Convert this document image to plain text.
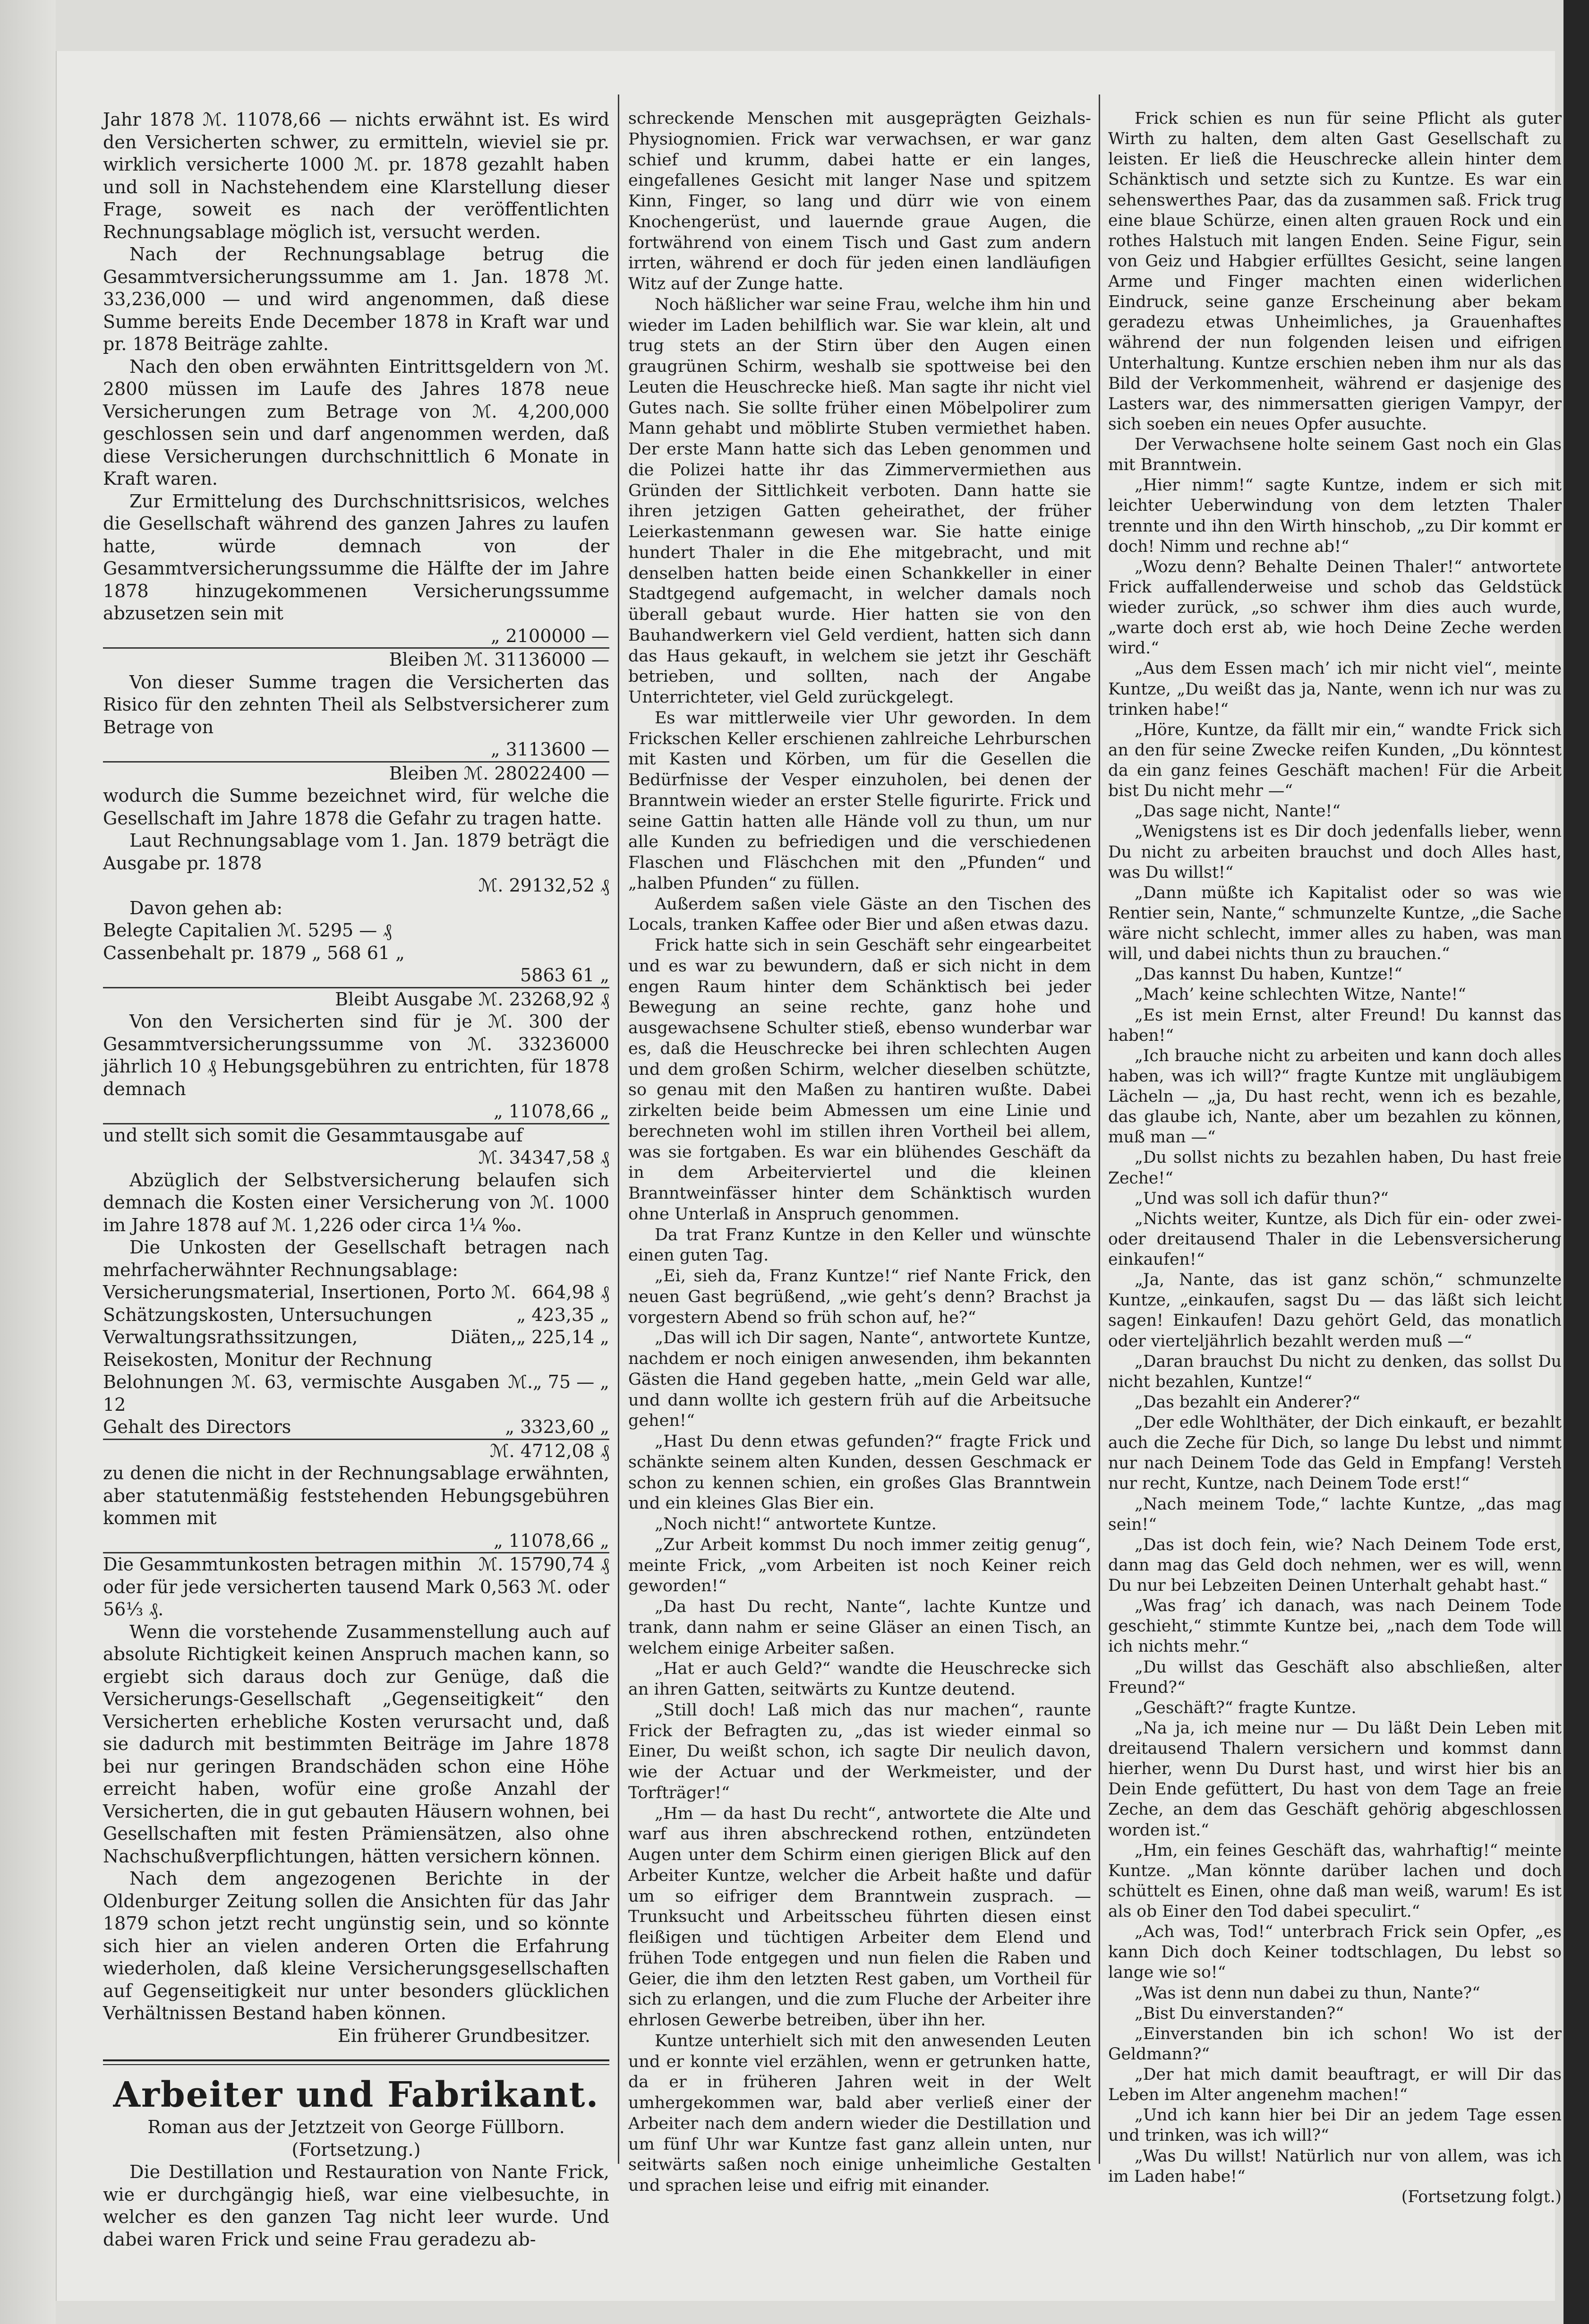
Jahr 1878 ℳ. 11078,66 — nichts erwähnt ist. Es wird den Versicherten schwer, zu ermitteln, wieviel sie pr. wirklich versicherte 1000 ℳ. pr. 1878 gezahlt haben und soll in Nachstehendem eine Klarstellung dieser Frage, soweit es nach der veröffentlichten Rechnungsablage möglich ist, versucht werden.

Nach der Rechnungsablage betrug die Gesammtversicherungssumme am 1. Jan. 1878 ℳ. 33,236,000 — und wird angenommen, daß diese Summe bereits Ende December 1878 in Kraft war und pr. 1878 Beiträge zahlte.

Nach den oben erwähnten Eintrittsgeldern von ℳ. 2800 müssen im Laufe des Jahres 1878 neue Versicherungen zum Betrage von ℳ. 4,200,000 geschlossen sein und darf angenommen werden, daß diese Versicherungen durchschnittlich 6 Monate in Kraft waren.

Zur Ermittelung des Durchschnittsrisicos, welches die Gesellschaft während des ganzen Jahres zu laufen hatte, würde demnach von der Gesammtversicherungssumme die Hälfte der im Jahre 1878 hinzugekommenen Versicherungssumme abzusetzen sein mit

„ 2100000 —
Bleiben ℳ. 31136000 —

Von dieser Summe tragen die Versicherten das Risico für den zehnten Theil als Selbstversicherer zum Betrage von

„ 3113600 —
Bleiben ℳ. 28022400 —

wodurch die Summe bezeichnet wird, für welche die Gesellschaft im Jahre 1878 die Gefahr zu tragen hatte.

Laut Rechnungsablage vom 1. Jan. 1879 beträgt die Ausgabe pr. 1878

ℳ. 29132,52 ₰

Davon gehen ab:

Belegte Capitalien ℳ. 5295 — ₰

Cassenbehalt pr. 1879 „ 568 61 „

5863 61 „
Bleibt Ausgabe ℳ. 23268,92 ₰

Von den Versicherten sind für je ℳ. 300 der Gesammtversicherungssumme von ℳ. 33236000 jährlich 10 ₰ Hebungsgebühren zu entrichten, für 1878 demnach

„ 11078,66 „

und stellt sich somit die Gesammtausgabe auf

ℳ. 34347,58 ₰

Abzüglich der Selbstversicherung belaufen sich demnach die Kosten einer Versicherung von ℳ. 1000 im Jahre 1878 auf ℳ. 1,226 oder circa 1¼ ‰.

Die Unkosten der Gesellschaft betragen nach mehrfacherwähnter Rechnungsablage:

Versicherungsmaterial, Insertionen, Porto ℳ. 664,98 ₰
Schätzungskosten, Untersuchungen	„ 423,35 „
Verwaltungsrathssitzungen, Diäten, Reisekosten, Monitur der Rechnung
„ 225,14 „
Belohnungen ℳ. 63, vermischte Ausgaben ℳ. 12
„ 75 — „
Gehalt des Directors	„ 3323,60 „
ℳ. 4712,08 ₰

zu denen die nicht in der Rechnungsablage erwähnten, aber statutenmäßig feststehenden Hebungsgebühren kommen mit

„ 11078,66 „
Die Gesammtunkosten betragen mithin ℳ. 15790,74 ₰

oder für jede versicherten tausend Mark 0,563 ℳ. oder 56⅓ ₰.

Wenn die vorstehende Zusammenstellung auch auf absolute Richtigkeit keinen Anspruch machen kann, so ergiebt sich daraus doch zur Genüge, daß die Versicherungs-Gesellschaft „Gegenseitigkeit“ den Versicherten erhebliche Kosten verursacht und, daß sie dadurch mit bestimmten Beiträge im Jahre 1878 bei nur geringen Brandschäden schon eine Höhe erreicht haben, wofür eine große Anzahl der Versicherten, die in gut gebauten Häusern wohnen, bei Gesellschaften mit festen Prämiensätzen, also ohne Nachschußverpflichtungen, hätten versichern können.

Nach dem angezogenen Berichte in der Oldenburger Zeitung sollen die Ansichten für das Jahr 1879 schon jetzt recht ungünstig sein, und so könnte sich hier an vielen anderen Orten die Erfahrung wiederholen, daß kleine Versicherungsgesellschaften auf Gegenseitigkeit nur unter besonders glücklichen Verhältnissen Bestand haben können.

Ein früherer Grundbesitzer.

Arbeiter und Fabrikant.

Roman aus der Jetztzeit von George Füllborn.

(Fortsetzung.)

Die Destillation und Restauration von Nante Frick, wie er durchgängig hieß, war eine vielbesuchte, in welcher es den ganzen Tag nicht leer wurde. Und dabei waren Frick und seine Frau geradezu ab-

schreckende Menschen mit ausgeprägten Geizhals-Physiognomien. Frick war verwachsen, er war ganz schief und krumm, dabei hatte er ein langes, eingefallenes Gesicht mit langer Nase und spitzem Kinn, Finger, so lang und dürr wie von einem Knochengerüst, und lauernde graue Augen, die fortwährend von einem Tisch und Gast zum andern irrten, während er doch für jeden einen landläufigen Witz auf der Zunge hatte.

Noch häßlicher war seine Frau, welche ihm hin und wieder im Laden behilflich war. Sie war klein, alt und trug stets an der Stirn über den Augen einen graugrünen Schirm, weshalb sie spottweise bei den Leuten die Heuschrecke hieß. Man sagte ihr nicht viel Gutes nach. Sie sollte früher einen Möbelpolirer zum Mann gehabt und möblirte Stuben vermiethet haben. Der erste Mann hatte sich das Leben genommen und die Polizei hatte ihr das Zimmervermiethen aus Gründen der Sittlichkeit verboten. Dann hatte sie ihren jetzigen Gatten geheirathet, der früher Leierkastenmann gewesen war. Sie hatte einige hundert Thaler in die Ehe mitgebracht, und mit denselben hatten beide einen Schankkeller in einer Stadtgegend aufgemacht, in welcher damals noch überall gebaut wurde. Hier hatten sie von den Bauhandwerkern viel Geld verdient, hatten sich dann das Haus gekauft, in welchem sie jetzt ihr Geschäft betrieben, und sollten, nach der Angabe Unterrichteter, viel Geld zurückgelegt.

Es war mittlerweile vier Uhr geworden. In dem Frickschen Keller erschienen zahlreiche Lehrburschen mit Kasten und Körben, um für die Gesellen die Bedürfnisse der Vesper einzuholen, bei denen der Branntwein wieder an erster Stelle figurirte. Frick und seine Gattin hatten alle Hände voll zu thun, um nur alle Kunden zu befriedigen und die verschiedenen Flaschen und Fläschchen mit den „Pfunden“ und „halben Pfunden“ zu füllen.

Außerdem saßen viele Gäste an den Tischen des Locals, tranken Kaffee oder Bier und aßen etwas dazu.

Frick hatte sich in sein Geschäft sehr eingearbeitet und es war zu bewundern, daß er sich nicht in dem engen Raum hinter dem Schänktisch bei jeder Bewegung an seine rechte, ganz hohe und ausgewachsene Schulter stieß, ebenso wunderbar war es, daß die Heuschrecke bei ihren schlechten Augen und dem großen Schirm, welcher dieselben schützte, so genau mit den Maßen zu hantiren wußte. Dabei zirkelten beide beim Abmessen um eine Linie und berechneten wohl im stillen ihren Vortheil bei allem, was sie fortgaben. Es war ein blühendes Geschäft da in dem Arbeiterviertel und die kleinen Branntweinfässer hinter dem Schänktisch wurden ohne Unterlaß in Anspruch genommen.

Da trat Franz Kuntze in den Keller und wünschte einen guten Tag.

„Ei, sieh da, Franz Kuntze!“ rief Nante Frick, den neuen Gast begrüßend, „wie geht’s denn? Brachst ja vorgestern Abend so früh schon auf, he?“

„Das will ich Dir sagen, Nante“, antwortete Kuntze, nachdem er noch einigen anwesenden, ihm bekannten Gästen die Hand gegeben hatte, „mein Geld war alle, und dann wollte ich gestern früh auf die Arbeitsuche gehen!“

„Hast Du denn etwas gefunden?“ fragte Frick und schänkte seinem alten Kunden, dessen Geschmack er schon zu kennen schien, ein großes Glas Branntwein und ein kleines Glas Bier ein.

„Noch nicht!“ antwortete Kuntze.

„Zur Arbeit kommst Du noch immer zeitig genug“, meinte Frick, „vom Arbeiten ist noch Keiner reich geworden!“

„Da hast Du recht, Nante“, lachte Kuntze und trank, dann nahm er seine Gläser an einen Tisch, an welchem einige Arbeiter saßen.

„Hat er auch Geld?“ wandte die Heuschrecke sich an ihren Gatten, seitwärts zu Kuntze deutend.

„Still doch! Laß mich das nur machen“, raunte Frick der Befragten zu, „das ist wieder einmal so Einer, Du weißt schon, ich sagte Dir neulich davon, wie der Actuar und der Werkmeister, und der Torfträger!“

„Hm — da hast Du recht“, antwortete die Alte und warf aus ihren abschreckend rothen, entzündeten Augen unter dem Schirm einen gierigen Blick auf den Arbeiter Kuntze, welcher die Arbeit haßte und dafür um so eifriger dem Branntwein zusprach. — Trunksucht und Arbeitsscheu führten diesen einst fleißigen und tüchtigen Arbeiter dem Elend und frühen Tode entgegen und nun fielen die Raben und Geier, die ihm den letzten Rest gaben, um Vortheil für sich zu erlangen, und die zum Fluche der Arbeiter ihre ehrlosen Gewerbe betreiben, über ihn her.

Kuntze unterhielt sich mit den anwesenden Leuten und er konnte viel erzählen, wenn er getrunken hatte, da er in früheren Jahren weit in der Welt umhergekommen war, bald aber verließ einer der Arbeiter nach dem andern wieder die Destillation und um fünf Uhr war Kuntze fast ganz allein unten, nur seitwärts saßen noch einige unheimliche Gestalten und sprachen leise und eifrig mit einander.

Frick schien es nun für seine Pflicht als guter Wirth zu halten, dem alten Gast Gesellschaft zu leisten. Er ließ die Heuschrecke allein hinter dem Schänktisch und setzte sich zu Kuntze. Es war ein sehenswerthes Paar, das da zusammen saß. Frick trug eine blaue Schürze, einen alten grauen Rock und ein rothes Halstuch mit langen Enden. Seine Figur, sein von Geiz und Habgier erfülltes Gesicht, seine langen Arme und Finger machten einen widerlichen Eindruck, seine ganze Erscheinung aber bekam geradezu etwas Unheimliches, ja Grauenhaftes während der nun folgenden leisen und eifrigen Unterhaltung. Kuntze erschien neben ihm nur als das Bild der Verkommenheit, während er dasjenige des Lasters war, des nimmersatten gierigen Vampyr, der sich soeben ein neues Opfer ausuchte.

Der Verwachsene holte seinem Gast noch ein Glas mit Branntwein.

„Hier nimm!“ sagte Kuntze, indem er sich mit leichter Ueberwindung von dem letzten Thaler trennte und ihn den Wirth hinschob, „zu Dir kommt er doch! Nimm und rechne ab!“

„Wozu denn? Behalte Deinen Thaler!“ antwortete Frick auffallenderweise und schob das Geldstück wieder zurück, „so schwer ihm dies auch wurde, „warte doch erst ab, wie hoch Deine Zeche werden wird.“

„Aus dem Essen mach’ ich mir nicht viel“, meinte Kuntze, „Du weißt das ja, Nante, wenn ich nur was zu trinken habe!“

„Höre, Kuntze, da fällt mir ein,“ wandte Frick sich an den für seine Zwecke reifen Kunden, „Du könntest da ein ganz feines Geschäft machen! Für die Arbeit bist Du nicht mehr —“

„Das sage nicht, Nante!“

„Wenigstens ist es Dir doch jedenfalls lieber, wenn Du nicht zu arbeiten brauchst und doch Alles hast, was Du willst!“

„Dann müßte ich Kapitalist oder so was wie Rentier sein, Nante,“ schmunzelte Kuntze, „die Sache wäre nicht schlecht, immer alles zu haben, was man will, und dabei nichts thun zu brauchen.“

„Das kannst Du haben, Kuntze!“

„Mach’ keine schlechten Witze, Nante!“

„Es ist mein Ernst, alter Freund! Du kannst das haben!“

„Ich brauche nicht zu arbeiten und kann doch alles haben, was ich will?“ fragte Kuntze mit ungläubigem Lächeln — „ja, Du hast recht, wenn ich es bezahle, das glaube ich, Nante, aber um bezahlen zu können, muß man —“

„Du sollst nichts zu bezahlen haben, Du hast freie Zeche!“

„Und was soll ich dafür thun?“

„Nichts weiter, Kuntze, als Dich für ein- oder zwei- oder dreitausend Thaler in die Lebensversicherung einkaufen!“

„Ja, Nante, das ist ganz schön,“ schmunzelte Kuntze, „einkaufen, sagst Du — das läßt sich leicht sagen! Einkaufen! Dazu gehört Geld, das monatlich oder vierteljährlich bezahlt werden muß —“

„Daran brauchst Du nicht zu denken, das sollst Du nicht bezahlen, Kuntze!“

„Das bezahlt ein Anderer?“

„Der edle Wohlthäter, der Dich einkauft, er bezahlt auch die Zeche für Dich, so lange Du lebst und nimmt nur nach Deinem Tode das Geld in Empfang! Versteh nur recht, Kuntze, nach Deinem Tode erst!“

„Nach meinem Tode,“ lachte Kuntze, „das mag sein!“

„Das ist doch fein, wie? Nach Deinem Tode erst, dann mag das Geld doch nehmen, wer es will, wenn Du nur bei Lebzeiten Deinen Unterhalt gehabt hast.“

„Was frag’ ich danach, was nach Deinem Tode geschieht,“ stimmte Kuntze bei, „nach dem Tode will ich nichts mehr.“

„Du willst das Geschäft also abschließen, alter Freund?“

„Geschäft?“ fragte Kuntze.

„Na ja, ich meine nur — Du läßt Dein Leben mit dreitausend Thalern versichern und kommst dann hierher, wenn Du Durst hast, und wirst hier bis an Dein Ende gefüttert, Du hast von dem Tage an freie Zeche, an dem das Geschäft gehörig abgeschlossen worden ist.“

„Hm, ein feines Geschäft das, wahrhaftig!“ meinte Kuntze. „Man könnte darüber lachen und doch schüttelt es Einen, ohne daß man weiß, warum! Es ist als ob Einer den Tod dabei speculirt.“

„Ach was, Tod!“ unterbrach Frick sein Opfer, „es kann Dich doch Keiner todtschlagen, Du lebst so lange wie so!“

„Was ist denn nun dabei zu thun, Nante?“

„Bist Du einverstanden?“

„Einverstanden bin ich schon! Wo ist der Geldmann?“

„Der hat mich damit beauftragt, er will Dir das Leben im Alter angenehm machen!“

„Und ich kann hier bei Dir an jedem Tage essen und trinken, was ich will?“

„Was Du willst! Natürlich nur von allem, was ich im Laden habe!“

(Fortsetzung folgt.)
